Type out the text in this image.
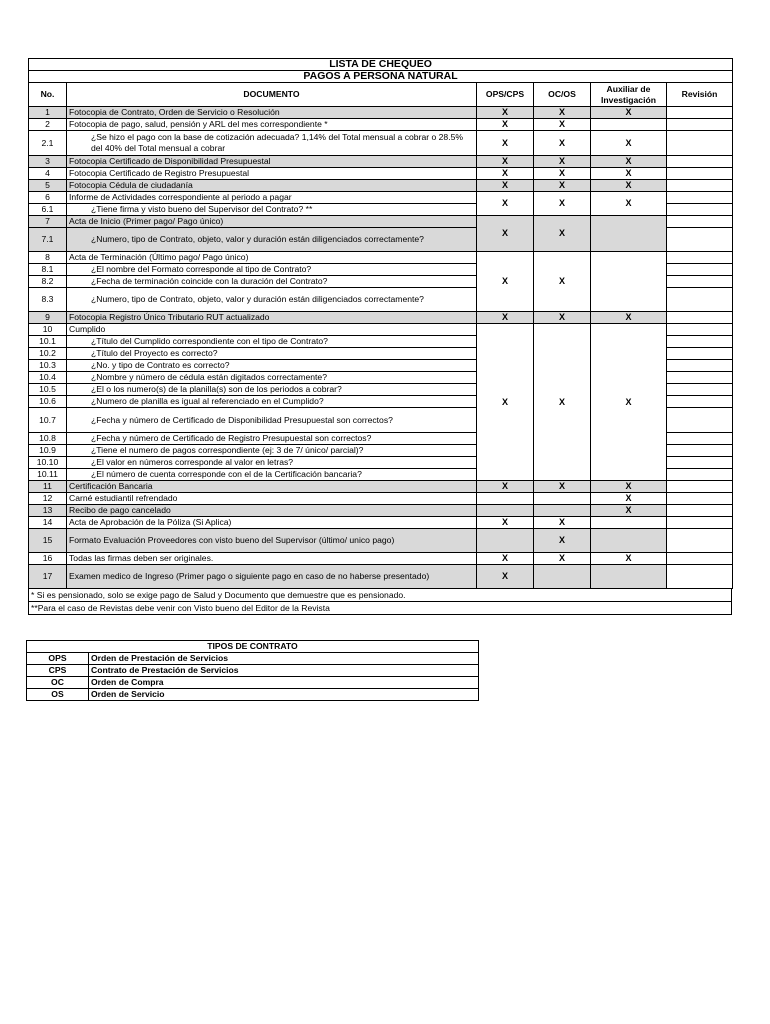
LISTA DE CHEQUEO					
PAGOS A PERSONA NATURAL					
No.	DOCUMENTO	OPS/CPS	OC/OS	Auxiliar de Investigación	Revisión
1	Fotocopia de Contrato, Orden de Servicio o Resolución	X	X	X	
2	Fotocopia de pago, salud, pensión y ARL del mes correspondiente *	X	X		
2.1	¿Se hizo el pago con la base de cotización adecuada? 1,14% del Total mensual a cobrar o 28.5% del 40% del Total mensual a cobrar	X	X	X	
3	Fotocopia Certificado de Disponibilidad Presupuestal	X	X	X	
4	Fotocopia Certificado de Registro Presupuestal	X	X	X	
5	Fotocopia Cédula de ciudadanía	X	X	X	
6	Informe de Actividades correspondiente al periodo a pagar	X	X	X	
6.1	¿Tiene firma y visto bueno del Supervisor del Contrato? **				
7	Acta de Inicio (Primer pago/ Pago único)	X	X		
7.1	¿Numero, tipo de Contrato, objeto, valor y duración están diligenciados correctamente?				
8	Acta de Terminación (Último pago/ Pago único)	X	X		
8.1	¿El nombre del Formato corresponde al tipo de Contrato?				
8.2	¿Fecha de terminación coincide con la duración del Contrato?				
8.3	¿Numero, tipo de Contrato, objeto, valor y duración están diligenciados correctamente?				
9	Fotocopia Registro Único Tributario RUT actualizado	X	X	X	
10	Cumplido	X	X	X	
10.1	¿Título del Cumplido correspondiente con el tipo de Contrato?				
10.2	¿Título del Proyecto es correcto?				
10.3	¿No. y tipo de Contrato es correcto?				
10.4	¿Nombre y número de cédula están digitados correctamente?				
10.5	¿El o los numero(s) de la planilla(s) son de los periodos a cobrar?				
10.6	¿Numero de planilla es igual al referenciado en el Cumplido?				
10.7	¿Fecha y número de Certificado de Disponibilidad Presupuestal son correctos?				
10.8	¿Fecha y número de Certificado de Registro Presupuestal son correctos?				
10.9	¿Tiene el numero de pagos correspondiente (ej: 3 de 7/ único/ parcial)?				
10.10	¿El valor en números corresponde al valor en letras?				
10.11	¿El número de cuenta corresponde con el de la Certificación bancaria?				
11	Certificación Bancaria	X	X	X	
12	Carné estudiantil refrendado			X	
13	Recibo de pago cancelado			X	
14	Acta de Aprobación de la Póliza (Si Aplica)	X	X		
15	Formato Evaluación Proveedores con visto bueno del Supervisor (último/ unico pago)		X		
16	Todas las firmas deben ser originales.	X	X	X	
17	Examen medico de Ingreso (Primer pago o siguiente pago en caso de no haberse presentado)	X			
* Si es pensionado, solo se exige pago de Salud y Documento que demuestre que es pensionado.
**Para el caso de Revistas debe venir con Visto bueno del Editor de la Revista
TIPOS DE CONTRATO	
OPS	Orden de Prestación de Servicios
CPS	Contrato de Prestación de Servicios
OC	Orden de Compra
OS	Orden de Servicio
